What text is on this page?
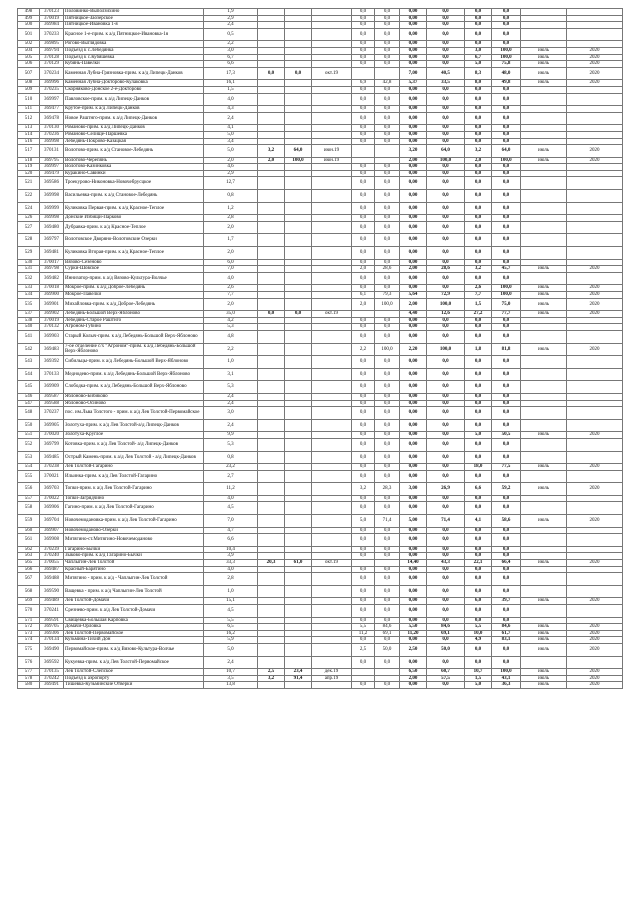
498	370123	Половинко-Выползихино	1,9				0,0	0,0	0,00	0,0	0,0	0,0		
499	370019	Пятницкое-Заозерское	2,9				0,0	0,0	0,00	0,0	0,0	0,0		
500	369984	Пятницкое-Ивановка 1-я	2,4				0,0	0,0	0,00	0,0	0,0	0,0		
501	370233	Красное 1-е-прим. к а/д Пятницкое-Ивановка-1я	0,5				0,0	0,0	0,00	0,0	0,0	0,0		
502	369895	Рогово-Выглядовка	2,2				0,0	0,0	0,00	0,0	0,0	0,0		
504	369794	Подъезд к с.Лебедянка	3,0				0,0	0,0	0,00	0,0	3,0	100,0	июль	2020
505	370128	Подъезд к с.Кубяшевка	6,7				0,0	0,0	0,00	0,0	6,7	100,0	июль	2020
506	370129	Кубянь-Павелки	6,6				0,0	0,0	0,00	0,0	5,0	75,8	июль	2020
507	370234	Каменная Лубна-Грязновка-прим. к а/д Липецк-Данков	17,3	0,0	0,0	окт.19			7,00	40,5	8,3	48,0	июль	2020
508	369996	Каменная Лубна-Докторово-Кулаковка	16,1				6,9	42,8	5,37	33,5	8,0	49,8	июль	2020
509	370235	Скорняково-Донское 2-е-Докторово	1,5				0,0	0,0	0,00	0,0	0,0	0,0		
510	369997	Павловское-прим. к а/д Липецк-Данков	4,0				0,0	0,0	0,00	0,0	0,0	0,0		
511	369477	Крутое-прим. к а/д Липецк-Данков	4,3				0,0	0,0	0,00	0,0	0,0	0,0		
512	369478	Новое Раштнго-прим. к а/д Липецк-Данков	2,4				0,0	0,0	0,00	0,0	0,0	0,0		
513	370130	Романово-прим. к а/д Липецк-Данков	4,1				0,0	0,0	0,00	0,0	0,0	0,0		
514	370236	Романово-Селище-Паршевка	5,0				0,0	0,0	0,00	0,0	0,0	0,0		
516	369998	Лебедянь-Покрово-Казацкая	3,4				0,0	0,0	0,00	0,0	0,0	0,0		
517	370131	Волотово-прим. к а/д Становое-Лебедянь	5,0	3,2	64,0	июн.19			3,20	64,0	3,2	64,0	июль	2020
518	369795	Волотово-Черепянь	2,0	2,0	100,0	июн.19			2,00	100,0	2,0	100,0	июль	2020
519	369997	Волотово-Казинковка	4,6				0,0	0,0	0,00	0,0	0,0	0,0		
520	369479	Куракино-Савинки	2,9				0,0	0,0	0,00	0,0	0,0	0,0		
521	369586	Троекурово-Никоновка-Новочебрусцкое	12,7				0,0	0,0	0,00	0,0	0,0	0,0		
522	369998	Васильевка-прим. к а/д Становое-Лебедянь	0,8				0,0	0,0	0,00	0,0	0,0	0,0		
524	369999	Куликовка Первая-прим. к а/д Красное-Теплое	1,2				0,0	0,0	0,00	0,0	0,0	0,0		
526	369998	Донские Избищи-Парково	2,8				0,0	0,0	0,00	0,0	0,0	0,0		
527	369480	Дубравка-прим. к а/д Красное-Теплое	2,0				0,0	0,0	0,00	0,0	0,0	0,0		
528	369797	Волотовское Дворяно-Волотовские Озерки	1,7				0,0	0,0	0,00	0,0	0,0	0,0		
529	369481	Куликовка Вторая-прим. к а/д Красное-Теплое	2,0				0,0	0,0	0,00	0,0	0,0	0,0		
530	370017	Вязово-Сезеново	6,0				0,0	0,0	0,00	0,0	0,0	0,0		
531	369798	Сурки-Шовское	7,0				2,0	28,6	2,00	28,6	3,2	45,7	июль	2020
532	369482	Иннизатор-прим. к а/д Вязово-Культура-Волчье	4,0				0,0	0,0	0,00	0,0	0,0	0,0		
533	370018	Мокрое-прим. к а/д Доброе-Лебедянь	2,6				0,0	0,0	0,00	0,0	2,6	100,0	июль	2020
534	369900	Мокрое-Павелки	7,7				6,1	79,3	5,64	72,9	7,7	100,0	июль	2020
535	369901	Михайловка-прим. к а/д Доброе-Лебедянь	2,0				2,0	100,0	2,00	100,0	1,5	75,0	июль	2020
537	369902	Лебедянь-Большой Верх-Яблоново	35,0	0,0	0,0	окт.19			4,40	12,6	27,2	77,7	июль	2020
538	370019	Лебедянь-Старое Раштнго	4,2				0,0	0,0	0,00	0,0	0,0	0,0		
540	370132	Агроном-Губино	5,3				0,0	0,0	0,00	0,0	0,0	0,0		
541	369903	Старый Колыч-прим. к а/д Лебедянь-Большой Верх-Яблоново	4,8				0,0	0,0	0,00	0,0	0,0	0,0		
542	369483	7-ое отделение с/х "Агроном"-прим. к а/д Лебедянь-Большой Верх-Яблоново	2,2				2,2	100,0	2,20	100,0	1,8	81,8	июль	2020
543	369392	Сибильцы-прим. к а/д Лебедянь-Большой Верх-Яблоново	1,0				0,0	0,0	0,00	0,0	0,0	0,0		
544	370133	Меднодево-прим. к а/д Лебедянь-Большой Верх-Яблоново	3,1				0,0	0,0	0,00	0,0	0,0	0,0		
545	369909	Слободка-прим. к а/д Лебедянь-Большой Верх-Яблоново	5,3				0,0	0,0	0,00	0,0	0,0	0,0		
546	369587	Яблоново-Бибиково	2,4				0,0	0,0	0,00	0,0	0,0	0,0		
547	369588	Яблоново-Осиново	2,4				0,0	0,0	0,00	0,0	0,0	0,0		
548	370237	пос. им.Льва Толстого - прим. к а/д Лев Толстой-Первомайское	3,0				0,0	0,0	0,00	0,0	0,0	0,0		
550	369905	Золотуха-прим. к а/д Лев Толстой-а/д Липецк-Данков	2,4				0,0	0,0	0,00	0,0	0,0	0,0		
551	370020	Золотуха-Круглое	9,9				0,0	0,0	0,00	0,0	5,0	50,5	июль	2020
552	369799	Котовка-прим. к а/д Лев Толстой- а/д Липецк-Данков	5,3				0,0	0,0	0,00	0,0	0,0	0,0		
553	369485	Острый Камень-прим. к а/д Лев Толстой - а/д Липецк-Данков	0,8				0,0	0,0	0,00	0,0	0,0	0,0		
554	370238	Лев Толстой-Гагарино	23,2				0,0	0,0	0,00	0,0	18,0	77,5	июль	2020
555	370021	Ильинка-прим. к а/д Лев Толстой-Гагарино	2,7				0,0	0,0	0,00	0,0	0,0	0,0		
556	369703	Топки-прим. к а/д Лев Толстой-Гагарино	11,2				3,2	28,3	3,00	26,9	6,6	59,2	июль	2020
557	370022	Топки-Загрядчино	4,0				0,0	0,0	0,00	0,0	0,0	0,0		
558	369906	Гагино-прим. к а/д Лев Толстой-Гагарино	4,5				0,0	0,0	0,00	0,0	0,0	0,0		
559	369704	Новочемодановка-прим. к а/д Лев Толстой-Гагарино	7,0				5,0	71,4	5,00	71,4	4,1	58,6	июль	2020
560	369907	Новочемоданово-Озерки	4,7				0,0	0,0	0,00	0,0	0,0	0,0		
561	369908	Митягино-ст.Митягино-Новочемоданово	6,6				0,0	0,0	0,00	0,0	0,0	0,0		
562	370239	Гагарино-Бычки	10,4				0,0	0,0	0,00	0,0	0,0	0,0		
563	370240	Зыково-прим. к а/д Гагарино-Бычки	3,9				0,0	0,0	0,00	0,0	0,0	0,0		
565	370055	Чаплыгин-Лев Толстой	33,3	20,3	61,0	окт.19			14,40	43,3	22,1	66,4	июль	2020
566	369487	Красный-Барятино	4,0				0,0	0,0	0,00	0,0	0,0	0,0		
567	369488	Митягино - прим. к а/д - Чаплыгин-Лев Толстой	2,8				0,0	0,0	0,00	0,0	0,0	0,0		
568	369590	Ващевка - прим. к а/д Чаплыгин-Лев Толстой	1,0				0,0	0,0	0,00	0,0	0,0	0,0		
569	369489	Лев Толстой-Домачи	15,1				0,0	0,0	0,00	0,0	6,0	39,7	июль	2020
570	370241	Срезнево-прим. к а/д Лев Толстой-Домачи	4,5				0,0	0,0	0,00	0,0	0,0	0,0		
571	369591	Свищевка-Большая Карповка	5,5				0,0	0,0	0,00	0,0	0,0	0,0		
572	369705	Домачи-Орловка	6,5				5,5	84,6	5,50	84,6	5,5	84,6	июль	2020
573	369306	Лев Толстой-Первомайское	16,2				11,2	69,1	11,20	69,1	10,0	61,7	июль	2020
574	370134	Кузьмина-Тихий Дон	5,9				0,0	0,0	0,00	0,0	4,9	83,1	июль	2020
575	369490	Первомайское-прим. к а/д Вязово-Культура-Волчье	5,0				2,5	50,0	2,50	50,0	0,0	0,0	июль	2020
576	369592	Кукуевка-прим. к а/д Лев Толстой-Первомайское	2,4				0,0	0,0	0,00	0,0	0,0	0,0		
577	370135	Лев Толстой-Слепское	10,7	2,5	23,4	дек.19			6,50	60,7	10,7	100,0	июль	2020
578	370242	Подъезд к аэропорту	3,5	3,2	91,4	апр.19			2,00	57,5	1,5	43,1	июль	2020
580	369491	Тишевка-Кузьминские Отверки	13,8				0,0	0,0	0,00	0,0	5,0	36,3	июль	2020
